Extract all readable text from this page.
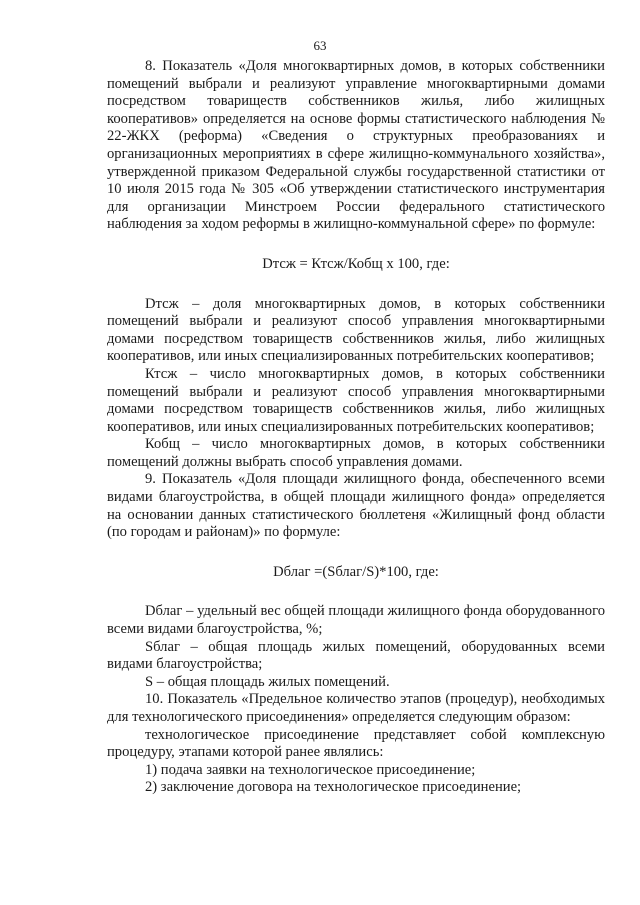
63

8. Показатель «Доля многоквартирных домов, в которых собственники помещений выбрали и реализуют управление многоквартирными домами посредством товариществ собственников жилья, либо жилищных кооперативов» определяется на основе формы статистического наблюдения № 22-ЖКХ (реформа) «Сведения о структурных преобразованиях и организационных мероприятиях в сфере жилищно-коммунального хозяйства», утвержденной приказом Федеральной службы государственной статистики от 10 июля 2015 года № 305 «Об утверждении статистического инструментария для организации Минстроем России федерального статистического наблюдения за ходом реформы в жилищно-коммунальной сфере» по формуле:

Dтсж = Ктсж/Кобщ х 100, где:

Dтсж – доля многоквартирных домов, в которых собственники помещений выбрали и реализуют способ управления многоквартирными домами посредством товариществ собственников жилья, либо жилищных кооперативов, или иных специализированных потребительских кооперативов;

Ктсж – число многоквартирных домов, в которых собственники помещений выбрали и реализуют способ управления многоквартирными домами посредством товариществ собственников жилья, либо жилищных кооперативов, или иных специализированных потребительских кооперативов;

Кобщ – число многоквартирных домов, в которых собственники помещений должны выбрать способ управления домами.

9. Показатель «Доля площади жилищного фонда, обеспеченного всеми видами благоустройства, в общей площади жилищного фонда» определяется на основании данных статистического бюллетеня «Жилищный фонд области (по городам и районам)» по формуле:

Dблаг =(Sблаг/S)*100, где:

Dблаг – удельный вес общей площади жилищного фонда оборудованного всеми видами благоустройства, %;

Sблаг – общая площадь жилых помещений, оборудованных всеми видами благоустройства;

S – общая площадь жилых помещений.

10. Показатель «Предельное количество этапов (процедур), необходимых для технологического присоединения» определяется следующим образом:

технологическое присоединение представляет собой комплексную процедуру, этапами которой ранее являлись:

1) подача заявки на технологическое присоединение;

2) заключение договора на технологическое присоединение;
